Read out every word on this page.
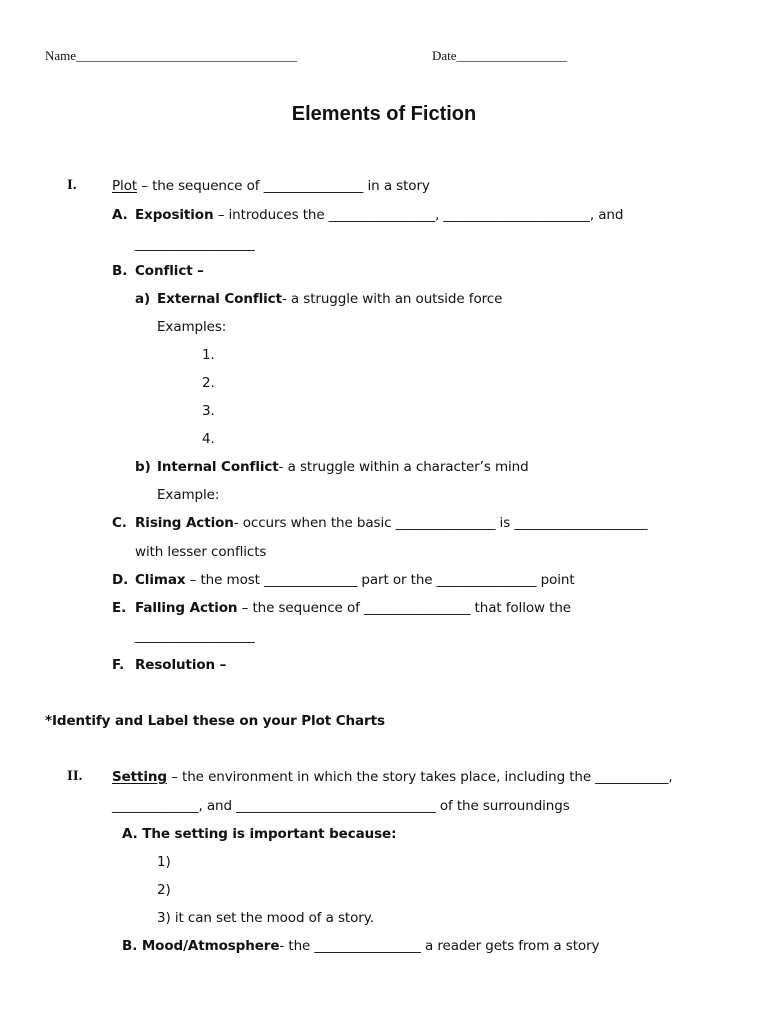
Name__________________________________	Date_________________
Elements of Fiction
I.	Plot – the sequence of _______________ in a story
A. Exposition – introduces the ________________, ______________________, and
__________________
B. Conflict –
a) External Conflict- a struggle with an outside force
Examples:
1.
2.
3.
4.
b) Internal Conflict- a struggle within a character’s mind
Example:
C. Rising Action- occurs when the basic _______________ is ____________________
with lesser conflicts
D. Climax – the most ______________ part or the _______________ point
E. Falling Action – the sequence of ________________ that follow the
__________________
F. Resolution –
*Identify and Label these on your Plot Charts
II. Setting – the environment in which the story takes place, including the ___________,
_____________, and ______________________________ of the surroundings
A. The setting is important because:
1)
2)
3) it can set the mood of a story.
B. Mood/Atmosphere- the ________________ a reader gets from a story
